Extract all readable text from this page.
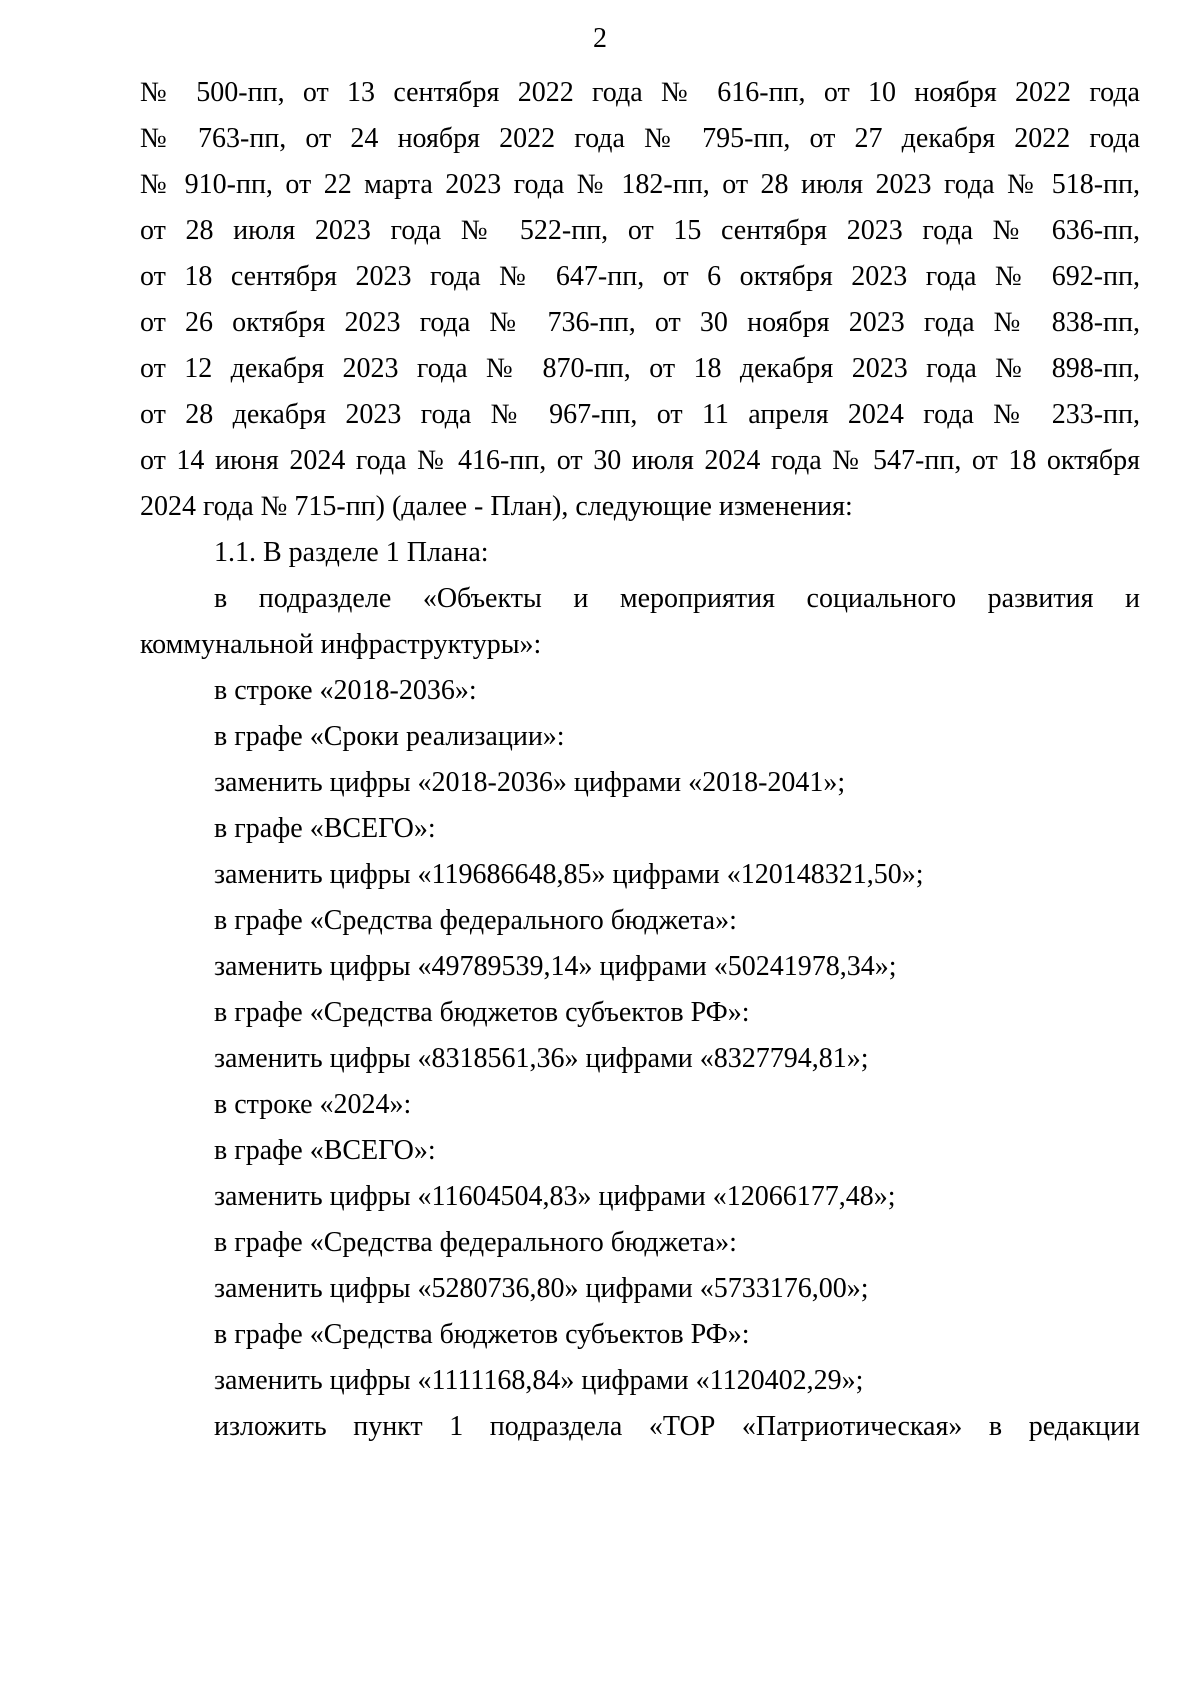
2
№ 500-пп, от 13 сентября 2022 года № 616-пп, от 10 ноября 2022 года
№ 763-пп, от 24 ноября 2022 года № 795-пп, от 27 декабря 2022 года
№ 910-пп, от 22 марта 2023 года № 182-пп, от 28 июля 2023 года № 518-пп,
от 28 июля 2023 года № 522-пп, от 15 сентября 2023 года № 636-пп,
от 18 сентября 2023 года № 647-пп, от 6 октября 2023 года № 692-пп,
от 26 октября 2023 года № 736-пп, от 30 ноября 2023 года № 838-пп,
от 12 декабря 2023 года № 870-пп, от 18 декабря 2023 года № 898-пп,
от 28 декабря 2023 года № 967-пп, от 11 апреля 2024 года № 233-пп,
от 14 июня 2024 года № 416-пп, от 30 июля 2024 года № 547-пп, от 18 октября
2024 года № 715-пп) (далее - План), следующие изменения:
1.1. В разделе 1 Плана:
в подразделе «Объекты и мероприятия социального развития и
коммунальной инфраструктуры»:
в строке «2018-2036»:
в графе «Сроки реализации»:
заменить цифры «2018-2036» цифрами «2018-2041»;
в графе «ВСЕГО»:
заменить цифры «119686648,85» цифрами «120148321,50»;
в графе «Средства федерального бюджета»:
заменить цифры «49789539,14» цифрами «50241978,34»;
в графе «Средства бюджетов субъектов РФ»:
заменить цифры «8318561,36» цифрами «8327794,81»;
в строке «2024»:
в графе «ВСЕГО»:
заменить цифры «11604504,83» цифрами «12066177,48»;
в графе «Средства федерального бюджета»:
заменить цифры «5280736,80» цифрами «5733176,00»;
в графе «Средства бюджетов субъектов РФ»:
заменить цифры «1111168,84» цифрами «1120402,29»;
изложить пункт 1 подраздела «ТОР «Патриотическая» в редакции
